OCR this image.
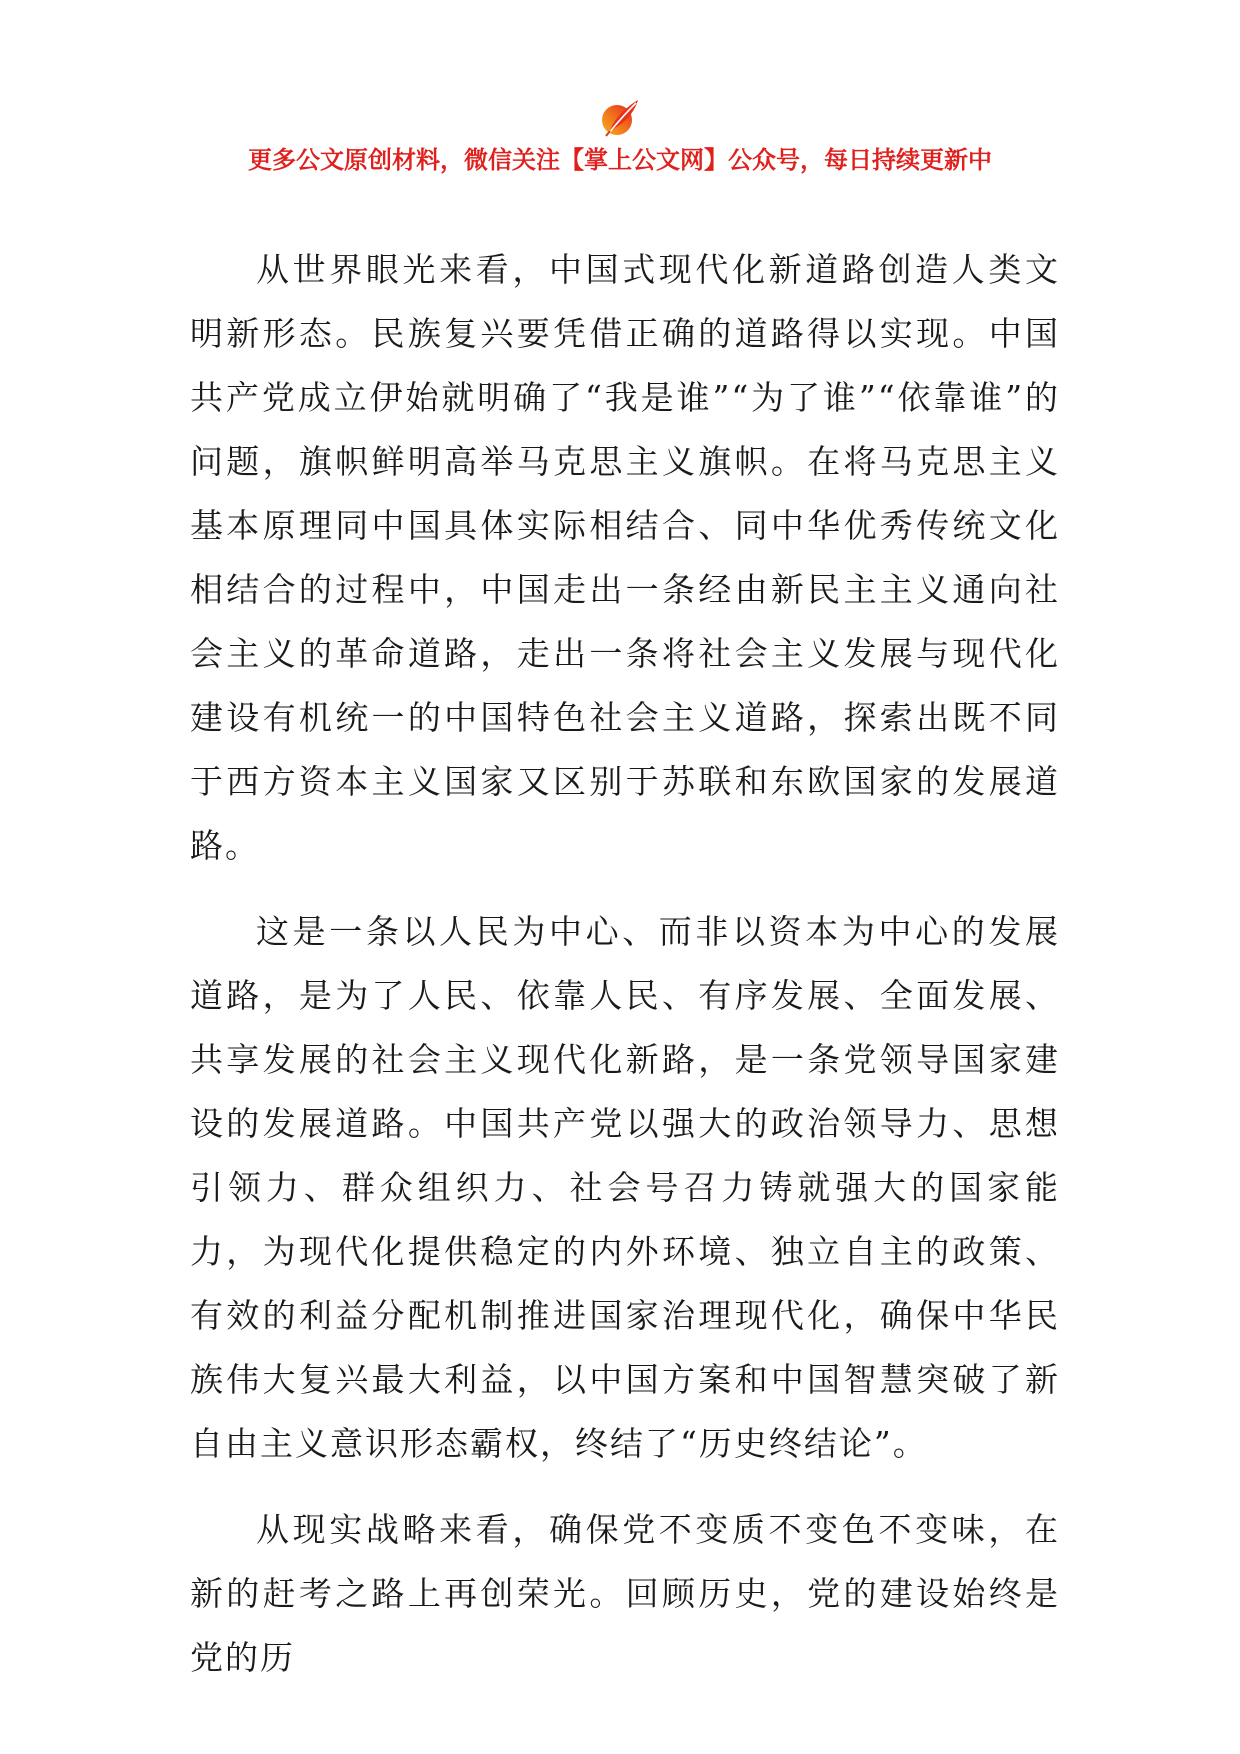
更多公文原创材料，微信关注【掌上公文网】公众号，每日持续更新中

从世界眼光来看，中国式现代化新道路创造人类文明新形态。民族复兴要凭借正确的道路得以实现。中国共产党成立伊始就明确了“我是谁”“为了谁”“依靠谁”的问题，旗帜鲜明高举马克思主义旗帜。在将马克思主义基本原理同中国具体实际相结合、同中华优秀传统文化相结合的过程中，中国走出一条经由新民主主义通向社会主义的革命道路，走出一条将社会主义发展与现代化建设有机统一的中国特色社会主义道路，探索出既不同于西方资本主义国家又区别于苏联和东欧国家的发展道路。

这是一条以人民为中心、而非以资本为中心的发展道路，是为了人民、依靠人民、有序发展、全面发展、共享发展的社会主义现代化新路，是一条党领导国家建设的发展道路。中国共产党以强大的政治领导力、思想引领力、群众组织力、社会号召力铸就强大的国家能力，为现代化提供稳定的内外环境、独立自主的政策、有效的利益分配机制推进国家治理现代化，确保中华民族伟大复兴最大利益，以中国方案和中国智慧突破了新自由主义意识形态霸权，终结了“历史终结论”。

从现实战略来看，确保党不变质不变色不变味，在新的赶考之路上再创荣光。回顾历史，党的建设始终是党的历
